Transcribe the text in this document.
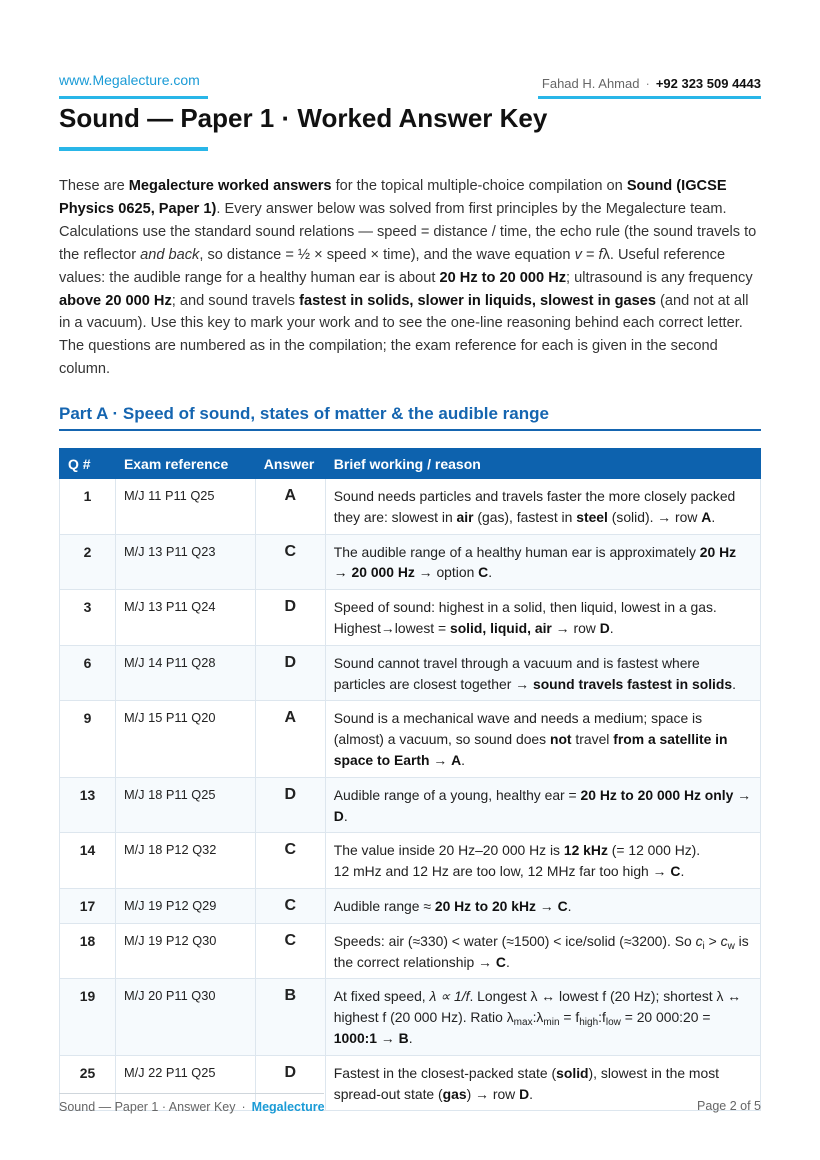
www.Megalecture.com	Fahad H. Ahmad · +92 323 509 4443
Sound — Paper 1 · Worked Answer Key

These are Megalecture worked answers for the topical multiple-choice compilation on Sound (IGCSE Physics 0625, Paper 1). Every answer below was solved from first principles by the Megalecture team. Calculations use the standard sound relations — speed = distance / time, the echo rule (the sound travels to the reflector and back, so distance = ½ × speed × time), and the wave equation v = fλ. Useful reference values: the audible range for a healthy human ear is about 20 Hz to 20 000 Hz; ultrasound is any frequency above 20 000 Hz; and sound travels fastest in solids, slower in liquids, slowest in gases (and not at all in a vacuum). Use this key to mark your work and to see the one-line reasoning behind each correct letter. The questions are numbered as in the compilation; the exam reference for each is given in the second column.

Part A · Speed of sound, states of matter & the audible range
Q #	Exam reference	Answer	Brief working / reason
1	M/J 11 P11 Q25	A	Sound needs particles and travels faster the more closely packed they are: slowest in air (gas), fastest in steel (solid). → row A.
2	M/J 13 P11 Q23	C	The audible range of a healthy human ear is approximately 20 Hz → 20 000 Hz → option C.
3	M/J 13 P11 Q24	D	Speed of sound: highest in a solid, then liquid, lowest in a gas. Highest→lowest = solid, liquid, air → row D.
6	M/J 14 P11 Q28	D	Sound cannot travel through a vacuum and is fastest where particles are closest together → sound travels fastest in solids.
9	M/J 15 P11 Q20	A	Sound is a mechanical wave and needs a medium; space is (almost) a vacuum, so sound does not travel from a satellite in space to Earth → A.
13	M/J 18 P11 Q25	D	Audible range of a young, healthy ear = 20 Hz to 20 000 Hz only → D.
14	M/J 18 P12 Q32	C	The value inside 20 Hz–20 000 Hz is 12 kHz (= 12 000 Hz).
12 mHz and 12 Hz are too low, 12 MHz far too high → C.
17	M/J 19 P12 Q29	C	Audible range ≈ 20 Hz to 20 kHz → C.
18	M/J 19 P12 Q30	C	Speeds: air (≈330) < water (≈1500) < ice/solid (≈3200). So $c_i > c_w$ is the correct relationship → C.
19	M/J 20 P11 Q30	B	At fixed speed, λ ∝ 1/f. Longest λ ↔ lowest f (20 Hz); shortest λ ↔ highest f (20 000 Hz). Ratio $\lambda_{max}:\lambda_{min}$ = $f_{high}:f_{low} = 20$ 000:20 = 1000:1 → B.
25	M/J 22 P11 Q25	D	Fastest in the closest-packed state (solid), slowest in the most spread-out state (gas) → row D.
Sound — Paper 1 · Answer Key · Megalecture	Page 2 of 5
